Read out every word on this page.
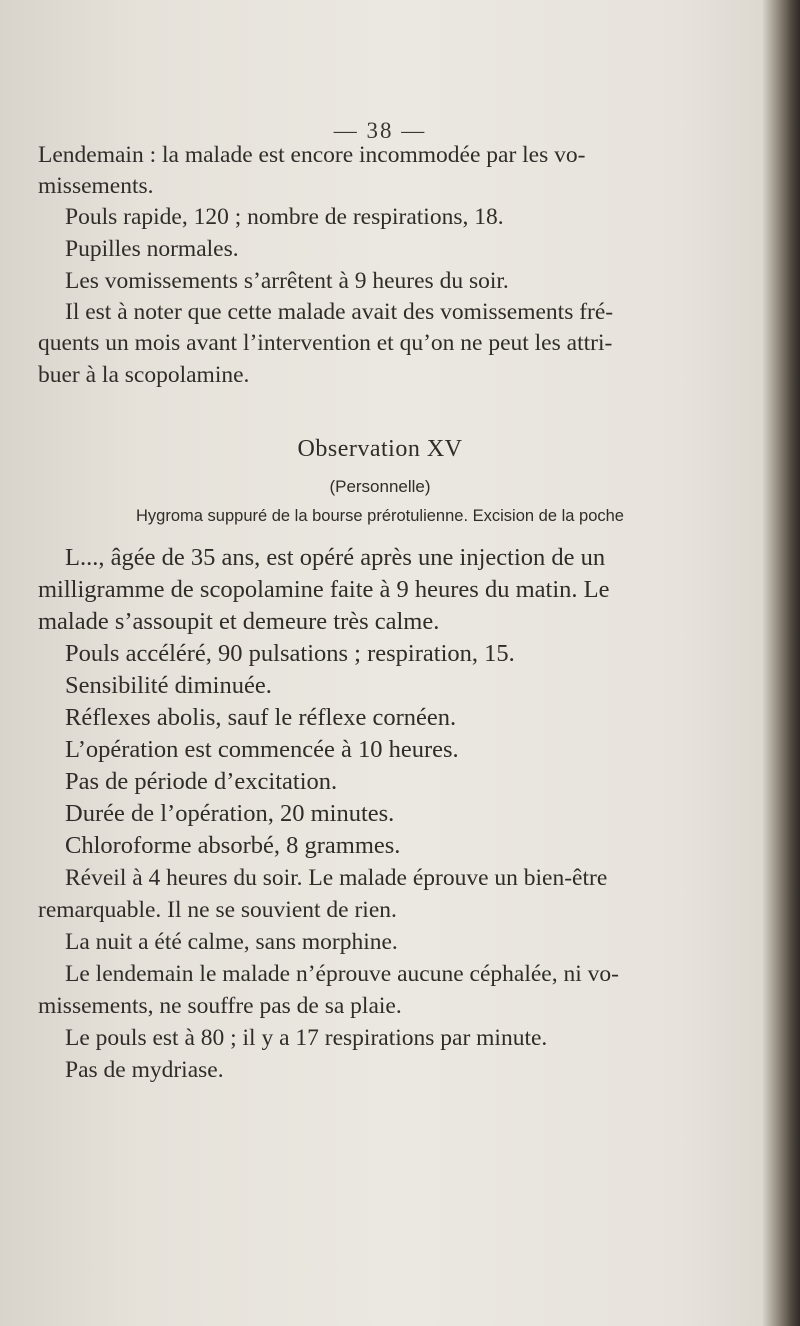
— 38 —
Lendemain : la malade est encore incommodée par les vo-
missements.
Pouls rapide, 120 ; nombre de respirations, 18.
Pupilles normales.
Les vomissements s’arrêtent à 9 heures du soir.
Il est à noter que cette malade avait des vomissements fré-
quents un mois avant l’intervention et qu’on ne peut les attri-
buer à la scopolamine.
Observation XV
(Personnelle)
Hygroma suppuré de la bourse prérotulienne. Excision de la poche
L..., âgée de 35 ans, est opéré après une injection de un
milligramme de scopolamine faite à 9 heures du matin. Le
malade s’assoupit et demeure très calme.
Pouls accéléré, 90 pulsations ; respiration, 15.
Sensibilité diminuée.
Réflexes abolis, sauf le réflexe cornéen.
L’opération est commencée à 10 heures.
Pas de période d’excitation.
Durée de l’opération, 20 minutes.
Chloroforme absorbé, 8 grammes.
Réveil à 4 heures du soir. Le malade éprouve un bien-être
remarquable. Il ne se souvient de rien.
La nuit a été calme, sans morphine.
Le lendemain le malade n’éprouve aucune céphalée, ni vo-
missements, ne souffre pas de sa plaie.
Le pouls est à 80 ; il y a 17 respirations par minute.
Pas de mydriase.
